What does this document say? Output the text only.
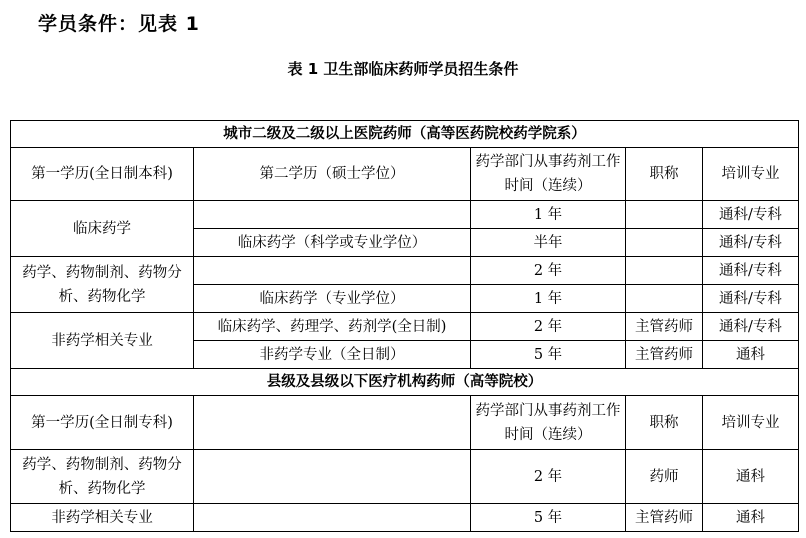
学员条件：见表 1
表 1 卫生部临床药师学员招生条件
城市二级及二级以上医院药师（高等医药院校药学院系）				
第一学历(全日制本科)	第二学历（硕士学位）	药学部门从事药剂工作时间（连续）	职称	培训专业
临床药学		1 年		通科/专科
	临床药学（科学或专业学位）	半年		通科/专科
药学、药物制剂、药物分析、药物化学		2 年		通科/专科
	临床药学（专业学位）	1 年		通科/专科
非药学相关专业	临床药学、药理学、药剂学(全日制)	2 年	主管药师	通科/专科
	非药学专业（全日制）	5 年	主管药师	通科
县级及县级以下医疗机构药师（高等院校）				
第一学历(全日制专科)		药学部门从事药剂工作时间（连续）	职称	培训专业
药学、药物制剂、药物分析、药物化学		2 年	药师	通科
非药学相关专业		5 年	主管药师	通科
